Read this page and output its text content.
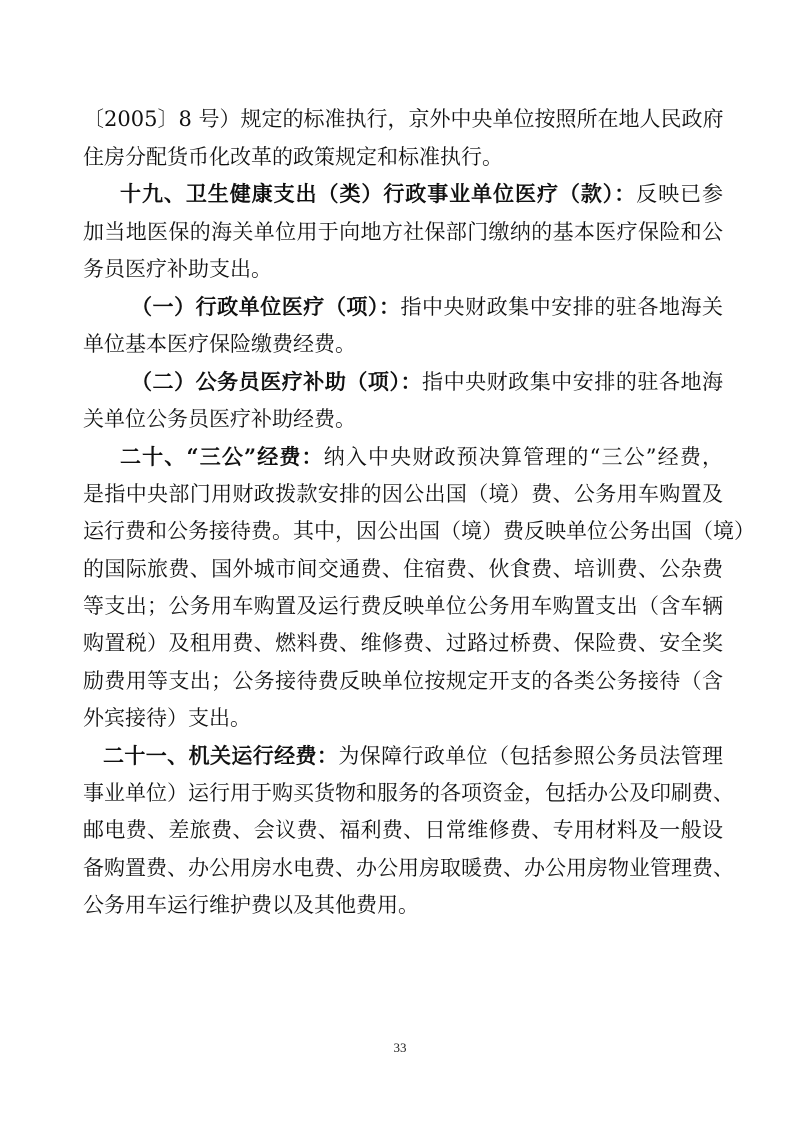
〔2005〕8 号）规定的标准执行，京外中央单位按照所在地人民政府
住房分配货币化改革的政策规定和标准执行。
十九、卫生健康支出（类）行政事业单位医疗（款）：反映已参
加当地医保的海关单位用于向地方社保部门缴纳的基本医疗保险和公
务员医疗补助支出。
（一）行政单位医疗（项）：指中央财政集中安排的驻各地海关
单位基本医疗保险缴费经费。
（二）公务员医疗补助（项）：指中央财政集中安排的驻各地海
关单位公务员医疗补助经费。
二十、“三公”经费：纳入中央财政预决算管理的“三公”经费，
是指中央部门用财政拨款安排的因公出国（境）费、公务用车购置及
运行费和公务接待费。其中，因公出国（境）费反映单位公务出国（境）
的国际旅费、国外城市间交通费、住宿费、伙食费、培训费、公杂费
等支出；公务用车购置及运行费反映单位公务用车购置支出（含车辆
购置税）及租用费、燃料费、维修费、过路过桥费、保险费、安全奖
励费用等支出；公务接待费反映单位按规定开支的各类公务接待（含
外宾接待）支出。
二十一、机关运行经费：为保障行政单位（包括参照公务员法管理
事业单位）运行用于购买货物和服务的各项资金，包括办公及印刷费、
邮电费、差旅费、会议费、福利费、日常维修费、专用材料及一般设
备购置费、办公用房水电费、办公用房取暖费、办公用房物业管理费、
公务用车运行维护费以及其他费用。
33
